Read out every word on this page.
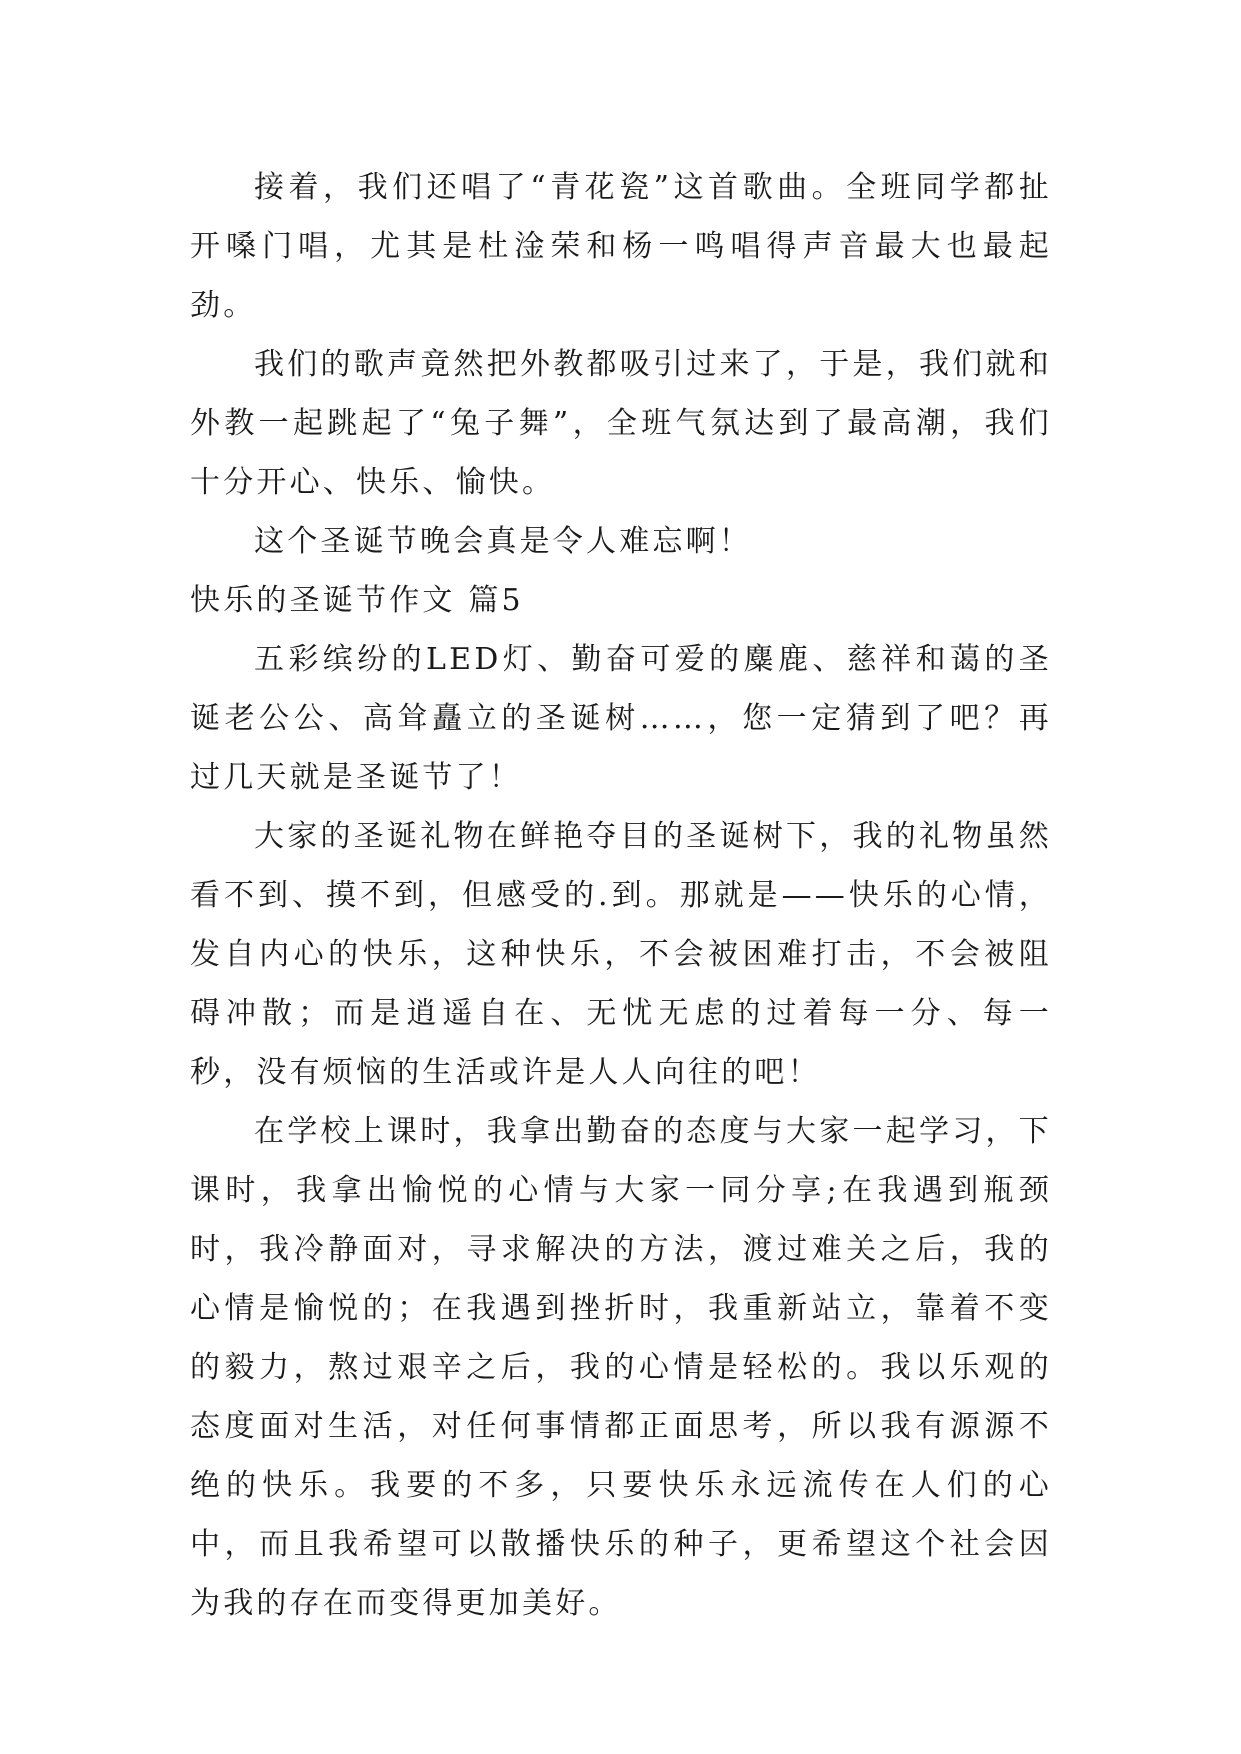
接着，我们还唱了“青花瓷”这首歌曲。全班同学都扯开嗓门唱，尤其是杜淦荣和杨一鸣唱得声音最大也最起劲。

我们的歌声竟然把外教都吸引过来了，于是，我们就和外教一起跳起了“兔子舞”，全班气氛达到了最高潮，我们十分开心、快乐、愉快。

这个圣诞节晚会真是令人难忘啊！

快乐的圣诞节作文 篇5

五彩缤纷的LED灯、勤奋可爱的麋鹿、慈祥和蔼的圣诞老公公、高耸矗立的圣诞树……，您一定猜到了吧？再过几天就是圣诞节了！

大家的圣诞礼物在鲜艳夺目的圣诞树下，我的礼物虽然看不到、摸不到，但感受的.到。那就是——快乐的心情，发自内心的快乐，这种快乐，不会被困难打击，不会被阻碍冲散；而是逍遥自在、无忧无虑的过着每一分、每一秒，没有烦恼的生活或许是人人向往的吧！

在学校上课时，我拿出勤奋的态度与大家一起学习，下课时，我拿出愉悦的心情与大家一同分享;在我遇到瓶颈时，我冷静面对，寻求解决的方法，渡过难关之后，我的心情是愉悦的；在我遇到挫折时，我重新站立，靠着不变的毅力，熬过艰辛之后，我的心情是轻松的。我以乐观的态度面对生活，对任何事情都正面思考，所以我有源源不绝的快乐。我要的不多，只要快乐永远流传在人们的心中，而且我希望可以散播快乐的种子，更希望这个社会因为我的存在而变得更加美好。
